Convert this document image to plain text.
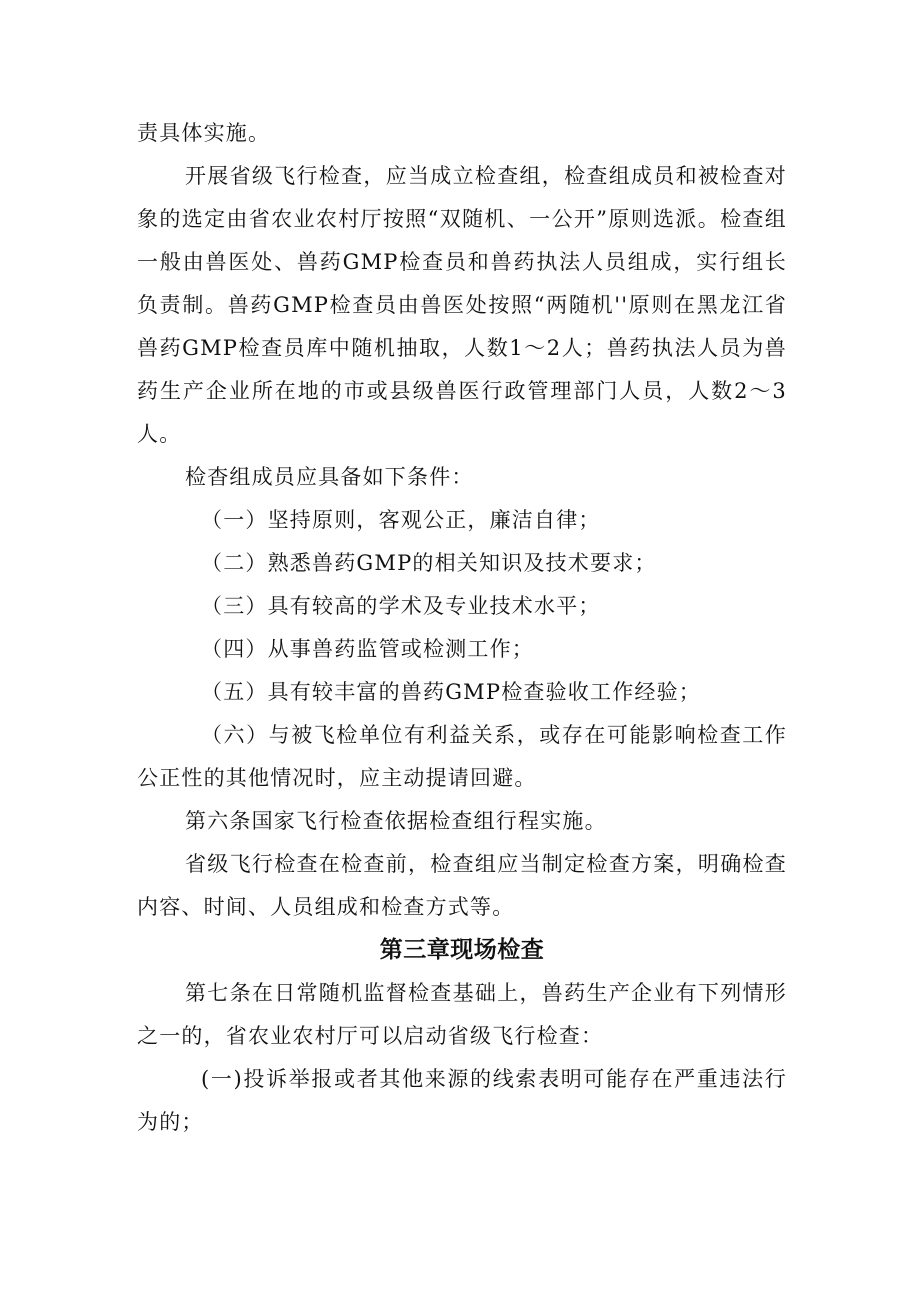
责具体实施。

开展省级飞行检查，应当成立检查组，检查组成员和被检查对象的选定由省农业农村厅按照“双随机、一公开”原则选派。检查组一般由兽医处、兽药GMP检查员和兽药执法人员组成，实行组长负责制。兽药GMP检查员由兽医处按照“两随机''原则在黑龙江省兽药GMP检查员库中随机抽取，人数1～2人；兽药执法人员为兽药生产企业所在地的市或县级兽医行政管理部门人员，人数2～3人。

检杳组成员应具备如下条件：

（一）坚持原则，客观公正，廉洁自律；

（二）熟悉兽药GMP的相关知识及技术要求；

（三）具有较高的学术及专业技术水平；

（四）从事兽药监管或检测工作；

（五）具有较丰富的兽药GMP检查验收工作经验；

（六）与被飞检单位有利益关系，或存在可能影响检查工作公正性的其他情况时，应主动提请回避。

第六条国家飞行检查依据检查组行程实施。

省级飞行检查在检查前，检查组应当制定检查方案，明确检查内容、时间、人员组成和检查方式等。

第三章现场检查

第七条在日常随机监督检查基础上，兽药生产企业有下列情形之一的，省农业农村厅可以启动省级飞行检查：

(一)投诉举报或者其他来源的线索表明可能存在严重违法行为的；
